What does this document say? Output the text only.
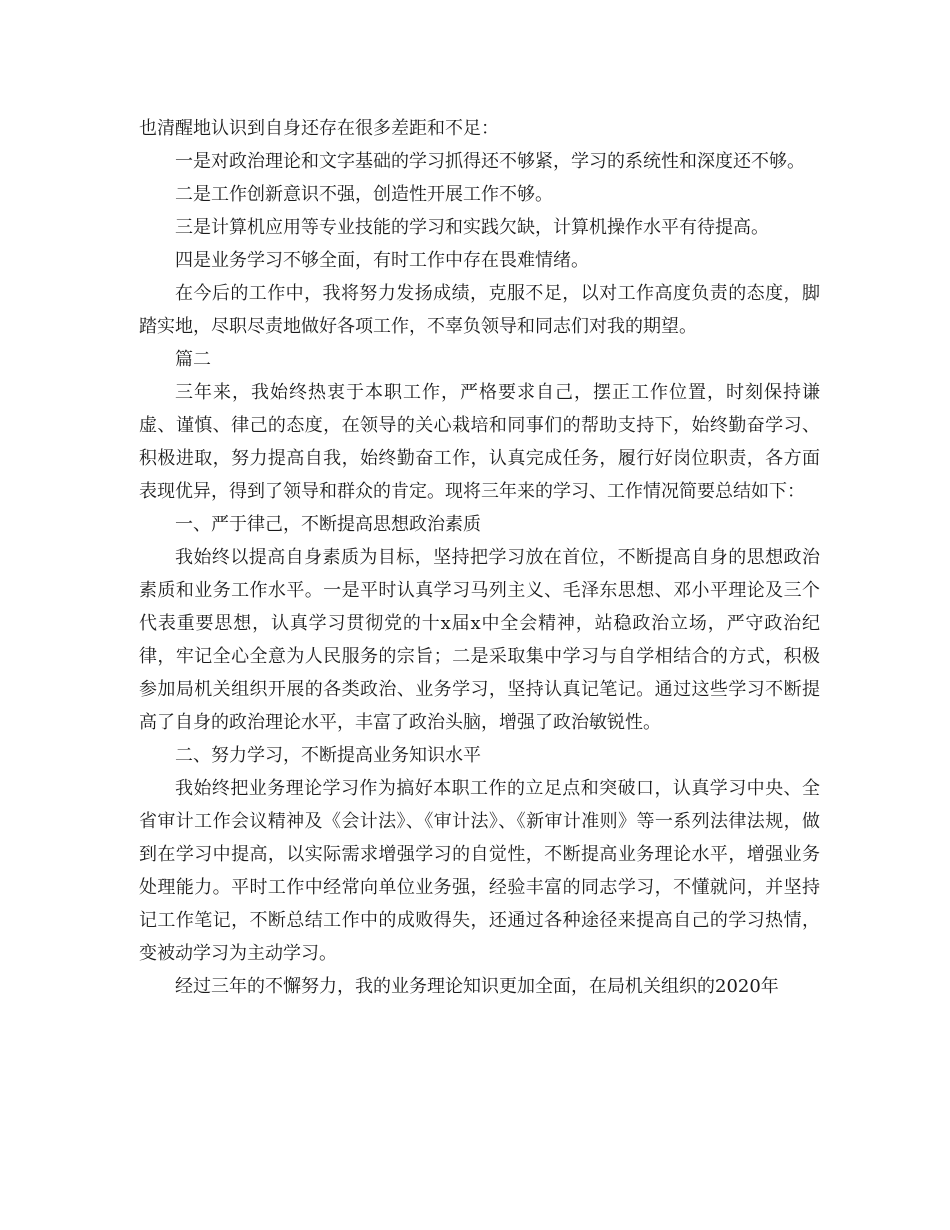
也清醒地认识到自身还存在很多差距和不足：

一是对政治理论和文字基础的学习抓得还不够紧，学习的系统性和深度还不够。

二是工作创新意识不强，创造性开展工作不够。

三是计算机应用等专业技能的学习和实践欠缺，计算机操作水平有待提高。

四是业务学习不够全面，有时工作中存在畏难情绪。

在今后的工作中，我将努力发扬成绩，克服不足，以对工作高度负责的态度，脚踏实地，尽职尽责地做好各项工作，不辜负领导和同志们对我的期望。

篇二

三年来，我始终热衷于本职工作，严格要求自己，摆正工作位置，时刻保持谦虚、谨慎、律己的态度，在领导的关心栽培和同事们的帮助支持下，始终勤奋学习、积极进取，努力提高自我，始终勤奋工作，认真完成任务，履行好岗位职责，各方面表现优异，得到了领导和群众的肯定。现将三年来的学习、工作情况简要总结如下：

一、严于律己，不断提高思想政治素质

我始终以提高自身素质为目标，坚持把学习放在首位，不断提高自身的思想政治素质和业务工作水平。一是平时认真学习马列主义、毛泽东思想、邓小平理论及三个代表重要思想，认真学习贯彻党的十x届x中全会精神，站稳政治立场，严守政治纪律，牢记全心全意为人民服务的宗旨；二是采取集中学习与自学相结合的方式，积极参加局机关组织开展的各类政治、业务学习，坚持认真记笔记。通过这些学习不断提高了自身的政治理论水平，丰富了政治头脑，增强了政治敏锐性。

二、努力学习，不断提高业务知识水平

我始终把业务理论学习作为搞好本职工作的立足点和突破口，认真学习中央、全省审计工作会议精神及《会计法》、《审计法》、《新审计准则》等一系列法律法规，做到在学习中提高，以实际需求增强学习的自觉性，不断提高业务理论水平，增强业务处理能力。平时工作中经常向单位业务强，经验丰富的同志学习，不懂就问，并坚持记工作笔记，不断总结工作中的成败得失，还通过各种途径来提高自己的学习热情，变被动学习为主动学习。

经过三年的不懈努力，我的业务理论知识更加全面，在局机关组织的2020年
